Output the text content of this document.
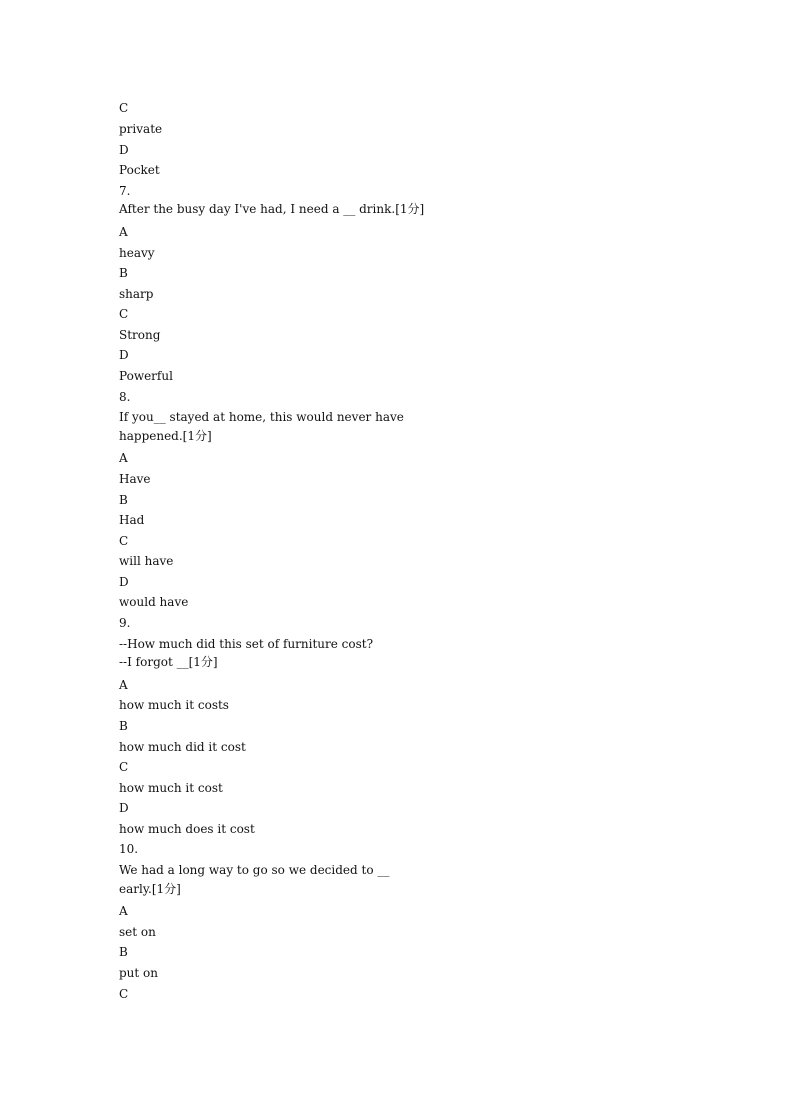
C
private
D
Pocket
7.
After the busy day I've had, I need a __ drink.[1分]
A
heavy
B
sharp
C
Strong
D
Powerful
8.
If you__ stayed at home, this would never have
happened.[1分]
A
Have
B
Had
C
will have
D
would have
9.
--How much did this set of furniture cost?
--I forgot __[1分]
A
how much it costs
B
how much did it cost
C
how much it cost
D
how much does it cost
10.
We had a long way to go so we decided to __
early.[1分]
A
set on
B
put on
C
